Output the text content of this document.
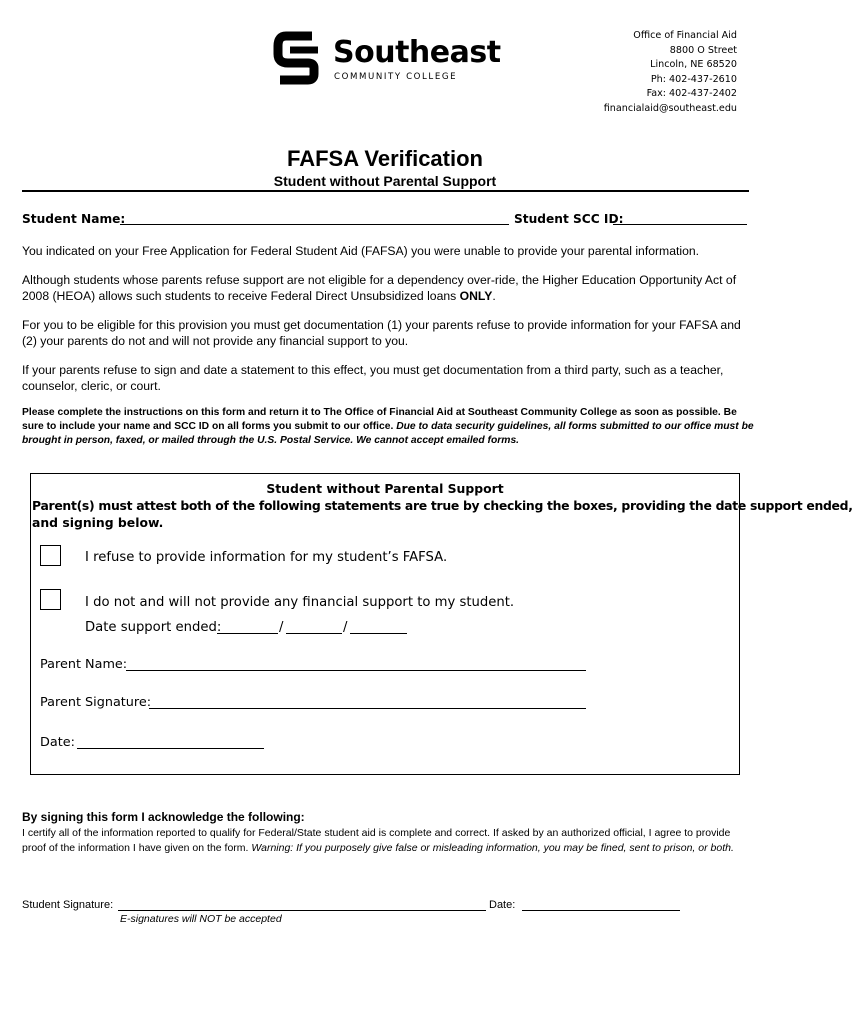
Southeast
COMMUNITY COLLEGE
Office of Financial Aid
8800 O Street
Lincoln, NE 68520
Ph: 402-437-2610
Fax: 402-437-2402
financialaid@southeast.edu
FAFSA Verification
Student without Parental Support
Student Name:	Student SCC ID:
You indicated on your Free Application for Federal Student Aid (FAFSA) you were unable to provide your parental information.
Although students whose parents refuse support are not eligible for a dependency over-ride, the Higher Education Opportunity Act of 2008 (HEOA) allows such students to receive Federal Direct Unsubsidized loans ONLY.
For you to be eligible for this provision you must get documentation (1) your parents refuse to provide information for your FAFSA and (2) your parents do not and will not provide any financial support to you.
If your parents refuse to sign and date a statement to this effect, you must get documentation from a third party, such as a teacher, counselor, cleric, or court.
Please complete the instructions on this form and return it to The Office of Financial Aid at Southeast Community College as soon as possible. Be sure to include your name and SCC ID on all forms you submit to our office. Due to data security guidelines, all forms submitted to our office must be brought in person, faxed, or mailed through the U.S. Postal Service. We cannot accept emailed forms.
Student without Parental Support
Parent(s) must attest both of the following statements are true by checking the boxes, providing the date support ended,
and signing below.
I refuse to provide information for my student’s FAFSA.
I do not and will not provide any financial support to my student.
Date support ended:	/	/
Parent Name:
Parent Signature:
Date:
By signing this form I acknowledge the following:
I certify all of the information reported to qualify for Federal/State student aid is complete and correct. If asked by an authorized official, I agree to provide proof of the information I have given on the form. Warning: If you purposely give false or misleading information, you may be fined, sent to prison, or both.
Student Signature:	Date:
E-signatures will NOT be accepted
